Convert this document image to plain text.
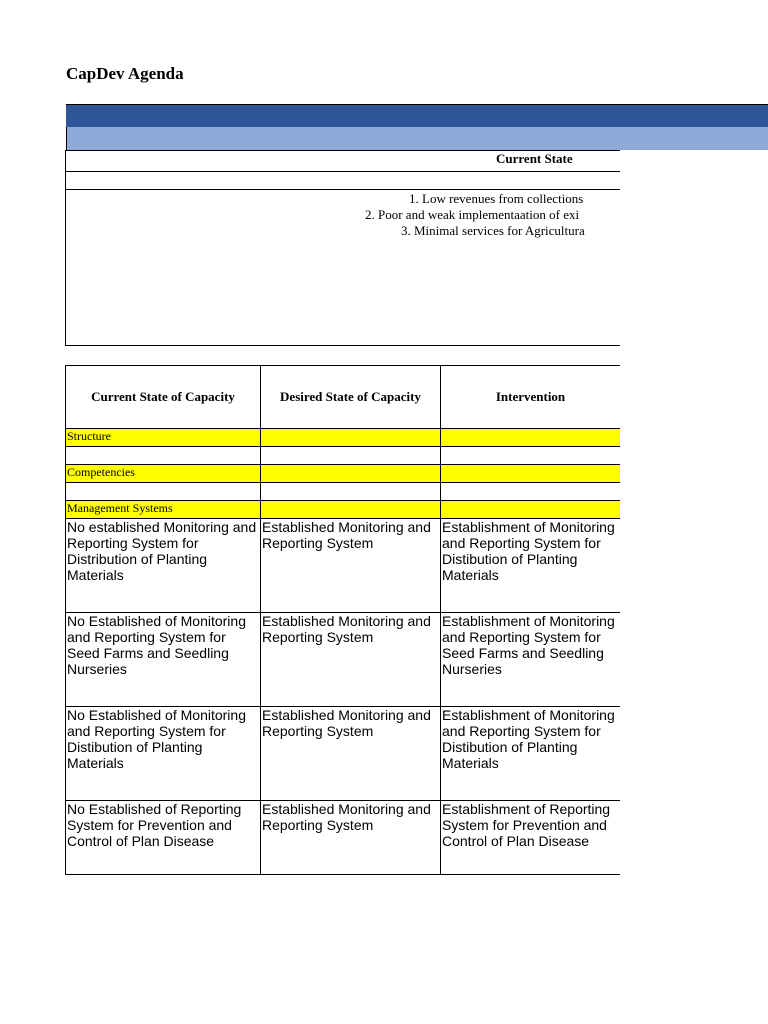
CapDev Agenda
Current State
1. Low revenues from collections
2. Poor and weak implementaation of exi
3. Minimal services for Agricultura
Current State of Capacity	Desired State of Capacity	Intervention
Structure		

Competencies		

Management Systems		
No established Monitoring and Reporting System for Distribution of Planting Materials	Established Monitoring and Reporting System	Establishment of Monitoring and Reporting System for Distibution of Planting Materials
No Established of Monitoring and Reporting System for Seed Farms and Seedling Nurseries	Established Monitoring and Reporting System	Establishment of Monitoring and Reporting System for Seed Farms and Seedling Nurseries
No Established of Monitoring and Reporting System for Distibution of Planting Materials	Established Monitoring and Reporting System	Establishment of Monitoring and Reporting System for Distibution of Planting Materials
No Established of Reporting System for Prevention and Control of Plan Disease	Established Monitoring and Reporting System	Establishment of Reporting System for Prevention and Control of Plan Disease
